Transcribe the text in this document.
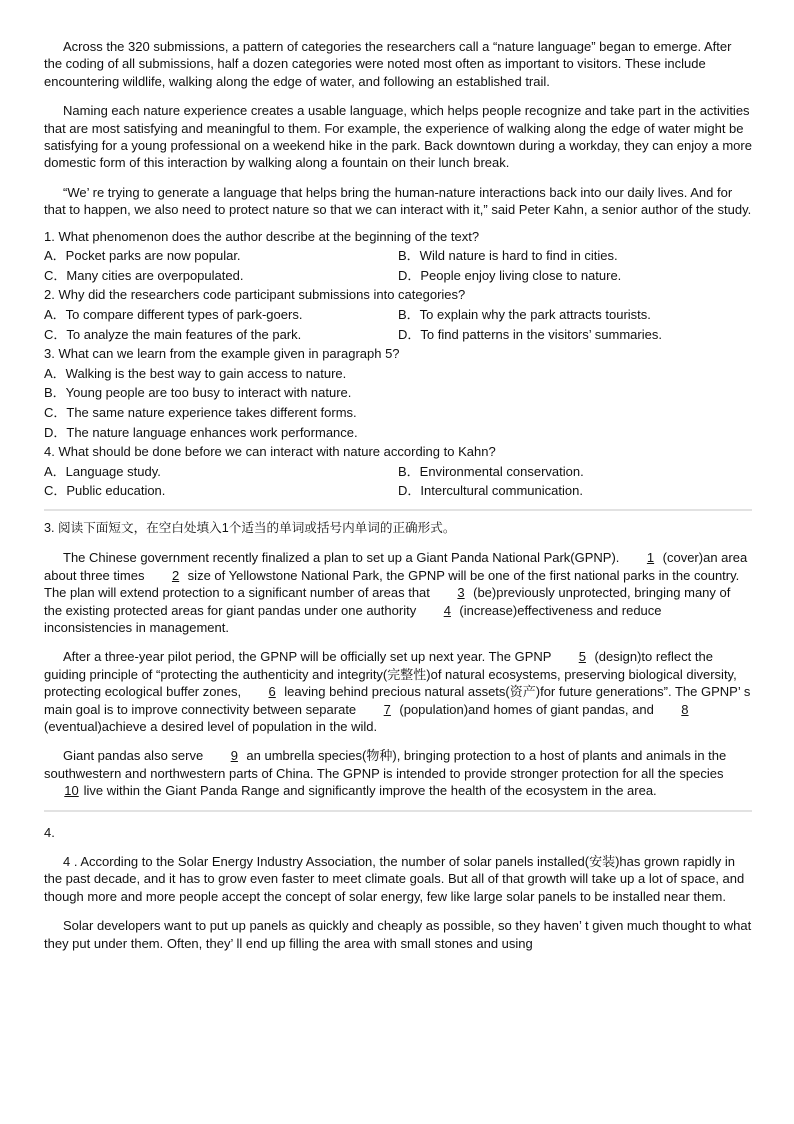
Across the 320 submissions, a pattern of categories the researchers call a “nature language” began to emerge. After the coding of all submissions, half a dozen categories were noted most often as important to visitors. These include encountering wildlife, walking along the edge of water, and following an established trail.

Naming each nature experience creates a usable language, which helps people recognize and take part in the activities that are most satisfying and meaningful to them. For example, the experience of walking along the edge of water might be satisfying for a young professional on a weekend hike in the park. Back downtown during a workday, they can enjoy a more domestic form of this interaction by walking along a fountain on their lunch break.

“We’ re trying to generate a language that helps bring the human-nature interactions back into our daily lives. And for that to happen, we also need to protect nature so that we can interact with it,” said Peter Kahn, a senior author of the study.

1. What phenomenon does the author describe at the beginning of the text?

A．Pocket parks are now popular.	B．Wild nature is hard to find in cities.
C．Many cities are overpopulated.	D．People enjoy living close to nature.

2. Why did the researchers code participant submissions into categories?

A．To compare different types of park-goers.	B．To explain why the park attracts tourists.
C．To analyze the main features of the park.	D．To find patterns in the visitors’ summaries.

3. What can we learn from the example given in paragraph 5?

A．Walking is the best way to gain access to nature.

B．Young people are too busy to interact with nature.

C．The same nature experience takes different forms.

D．The nature language enhances work performance.

4. What should be done before we can interact with nature according to Kahn?

A．Language study.	B．Environmental conservation.
C．Public education.	D．Intercultural communication.

3. 阅读下面短文，在空白处填入1个适当的单词或括号内单词的正确形式。

The Chinese government recently finalized a plan to set up a Giant Panda National Park(GPNP). 1 (cover)an area about three times 2 size of Yellowstone National Park, the GPNP will be one of the first national parks in the country. The plan will extend protection to a significant number of areas that 3 (be)previously unprotected, bringing many of the existing protected areas for giant pandas under one authority 4 (increase)effectiveness and reduce inconsistencies in management.

After a three-year pilot period, the GPNP will be officially set up next year. The GPNP 5 (design)to reflect the guiding principle of “protecting the authenticity and integrity(完整性)of natural ecosystems, preserving biological diversity, protecting ecological buffer zones, 6 leaving behind precious natural assets(资产)for future generations”. The GPNP’ s main goal is to improve connectivity between separate 7 (population)and homes of giant pandas, and 8 (eventual)achieve a desired level of population in the wild.

Giant pandas also serve 9 an umbrella species(物种), bringing protection to a host of plants and animals in the southwestern and northwestern parts of China. The GPNP is intended to provide stronger protection for all the species 10 live within the Giant Panda Range and significantly improve the health of the ecosystem in the area.

4.

4 . According to the Solar Energy Industry Association, the number of solar panels installed(安装)has grown rapidly in the past decade, and it has to grow even faster to meet climate goals. But all of that growth will take up a lot of space, and though more and more people accept the concept of solar energy, few like large solar panels to be installed near them.

Solar developers want to put up panels as quickly and cheaply as possible, so they haven’ t given much thought to what they put under them. Often, they’ ll end up filling the area with small stones and using
